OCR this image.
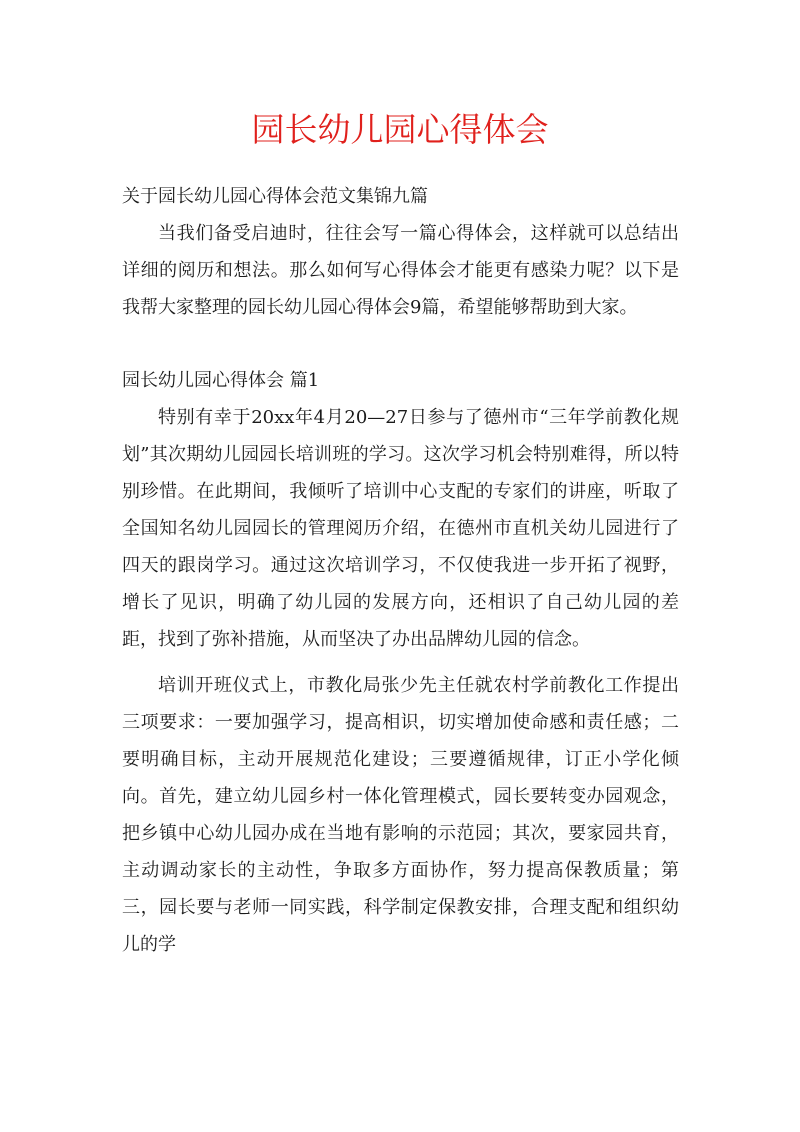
园长幼儿园心得体会

关于园长幼儿园心得体会范文集锦九篇

当我们备受启迪时，往往会写一篇心得体会，这样就可以总结出详细的阅历和想法。那么如何写心得体会才能更有感染力呢？以下是我帮大家整理的园长幼儿园心得体会9篇，希望能够帮助到大家。

园长幼儿园心得体会 篇1

特别有幸于20xx年4月20—27日参与了德州市“三年学前教化规划”其次期幼儿园园长培训班的学习。这次学习机会特别难得，所以特别珍惜。在此期间，我倾听了培训中心支配的专家们的讲座，听取了全国知名幼儿园园长的管理阅历介绍，在德州市直机关幼儿园进行了四天的跟岗学习。通过这次培训学习，不仅使我进一步开拓了视野，增长了见识，明确了幼儿园的发展方向，还相识了自己幼儿园的差距，找到了弥补措施，从而坚决了办出品牌幼儿园的信念。

培训开班仪式上，市教化局张少先主任就农村学前教化工作提出三项要求：一要加强学习，提高相识，切实增加使命感和责任感；二要明确目标，主动开展规范化建设；三要遵循规律，订正小学化倾向。首先，建立幼儿园乡村一体化管理模式，园长要转变办园观念，把乡镇中心幼儿园办成在当地有影响的示范园；其次，要家园共育，主动调动家长的主动性，争取多方面协作，努力提高保教质量；第三，园长要与老师一同实践，科学制定保教安排，合理支配和组织幼儿的学
